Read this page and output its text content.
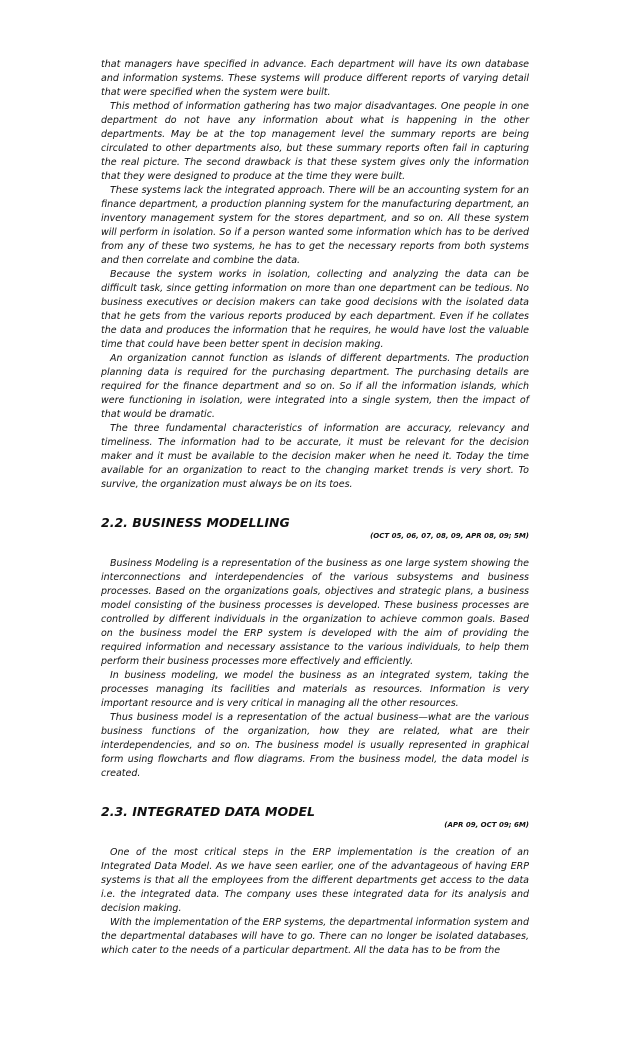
that managers have specified in advance. Each department will have its own database and information systems. These systems will produce different reports of varying detail that were specified when the system were built.

This method of information gathering has two major disadvantages. One people in one department do not have any information about what is happening in the other departments. May be at the top management level the summary reports are being circulated to other departments also, but these summary reports often fail in capturing the real picture. The second drawback is that these system gives only the information that they were designed to produce at the time they were built.

These systems lack the integrated approach. There will be an accounting system for an finance department, a production planning system for the manufacturing department, an inventory management system for the stores department, and so on. All these system will perform in isolation. So if a person wanted some information which has to be derived from any of these two systems, he has to get the necessary reports from both systems and then correlate and combine the data.

Because the system works in isolation, collecting and analyzing the data can be difficult task, since getting information on more than one department can be tedious. No business executives or decision makers can take good decisions with the isolated data that he gets from the various reports produced by each department. Even if he collates the data and produces the information that he requires, he would have lost the valuable time that could have been better spent in decision making.

An organization cannot function as islands of different departments. The production planning data is required for the purchasing department. The purchasing details are required for the finance department and so on. So if all the information islands, which were functioning in isolation, were integrated into a single system, then the impact of that would be dramatic.

The three fundamental characteristics of information are accuracy, relevancy and timeliness. The information had to be accurate, it must be relevant for the decision maker and it must be available to the decision maker when he need it. Today the time available for an organization to react to the changing market trends is very short. To survive, the organization must always be on its toes.

2.2. BUSINESS MODELLING

(OCT 05, 06, 07, 08, 09, APR 08, 09; 5M)

Business Modeling is a representation of the business as one large system showing the interconnections and interdependencies of the various subsystems and business processes. Based on the organizations goals, objectives and strategic plans, a business model consisting of the business processes is developed. These business processes are controlled by different individuals in the organization to achieve common goals. Based on the business model the ERP system is developed with the aim of providing the required information and necessary assistance to the various individuals, to help them perform their business processes more effectively and efficiently.

In business modeling, we model the business as an integrated system, taking the processes managing its facilities and materials as resources. Information is very important resource and is very critical in managing all the other resources.

Thus business model is a representation of the actual business—what are the various business functions of the organization, how they are related, what are their interdependencies, and so on. The business model is usually represented in graphical form using flowcharts and flow diagrams. From the business model, the data model is created.

2.3. INTEGRATED DATA MODEL

(APR 09, OCT 09; 6M)

One of the most critical steps in the ERP implementation is the creation of an Integrated Data Model. As we have seen earlier, one of the advantageous of having ERP systems is that all the employees from the different departments get access to the data i.e. the integrated data. The company uses these integrated data for its analysis and decision making.

With the implementation of the ERP systems, the departmental information system and the departmental databases will have to go. There can no longer be isolated databases, which cater to the needs of a particular department. All the data has to be from the
